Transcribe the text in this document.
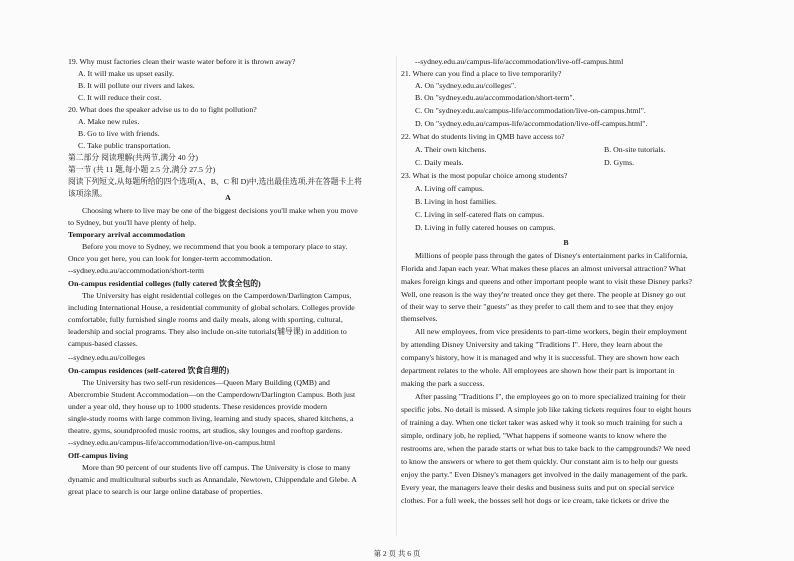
19. Why must factories clean their waste water before it is thrown away?
A. It will make us upset easily.
B. It will pollute our rivers and lakes.
C. It will reduce their cost.
20. What does the speaker advise us to do to fight pollution?
A. Make new rules.
B. Go to live with friends.
C. Take public transportation.
第二部分 阅读理解(共两节,满分 40 分)
第一节 (共 11 题,每小题 2.5 分,满分 27.5 分)
阅读下列短文,从每题所给的四个选项(A、B、C 和 D)中,选出最佳选项,并在答题卡上将
该项涂黑。	A
Choosing where to live may be one of the biggest decisions you'll make when you move
to Sydney, but you'll have plenty of help.
Temporary arrival accommodation
Before you move to Sydney, we recommend that you book a temporary place to stay.
Once you get here, you can look for longer-term accommodation.
--sydney.edu.au/accommodation/short-term
On-campus residential colleges (fully catered 饮食全包的)
The University has eight residential colleges on the Camperdown/Darlington Campus,
including International House, a residential community of global scholars. Colleges provide
comfortable, fully furnished single rooms and daily meals, along with sporting, cultural,
leadership and social programs. They also include on-site tutorials(辅导课) in addition to
campus-based classes.
--sydney.edu.au/colleges
On-campus residences (self-catered 饮食自理的)
The University has two self-run residences—Queen Mary Building (QMB) and
Abercrombie Student Accommodation—on the Camperdown/Darlington Campus. Both just
under a year old, they house up to 1000 students. These residences provide modern
single-study rooms with large common living, learning and study spaces, shared kitchens, a
theatre, gyms, soundproofed music rooms, art studios, sky lounges and rooftop gardens.
--sydney.edu.au/campus-life/accommodation/live-on-campus.html
Off-campus living
More than 90 percent of our students live off campus. The University is close to many
dynamic and multicultural suburbs such as Annandale, Newtown, Chippendale and Glebe. A
great place to search is our large online database of properties.
--sydney.edu.au/campus-life/accommodation/live-off-campus.html
21. Where can you find a place to live temporarily?
A. On "sydney.edu.au/colleges".
B. On "sydney.edu.au/accommodation/short-term".
C. On "sydney.edu.au/campus-life/accommodation/live-on-campus.html".
D. On "sydney.edu.au/campus-life/accommodation/live-off-campus.html".
22. What do students living in QMB have access to?
A. Their own kitchens.	B. On-site tutorials.
C. Daily meals.	D. Gyms.
23. What is the most popular choice among students?
A. Living off campus.
B. Living in host families.
C. Living in self-catered flats on campus.
D. Living in fully catered houses on campus.
B
Millions of people pass through the gates of Disney's entertainment parks in California,
Florida and Japan each year. What makes these places an almost universal attraction? What
makes foreign kings and queens and other important people want to visit these Disney parks?
Well, one reason is the way they're treated once they get there. The people at Disney go out
of their way to serve their "guests" as they prefer to call them and to see that they enjoy
themselves.
All new employees, from vice presidents to part-time workers, begin their employment
by attending Disney University and taking "Traditions I". Here, they learn about the
company's history, how it is managed and why it is successful. They are shown how each
department relates to the whole. All employees are shown how their part is important in
making the park a success.
After passing "Traditions I", the employees go on to more specialized training for their
specific jobs. No detail is missed. A simple job like taking tickets requires four to eight hours
of training a day. When one ticket taker was asked why it took so much training for such a
simple, ordinary job, he replied, "What happens if someone wants to know where the
restrooms are, when the parade starts or what bus to take back to the campgrounds? We need
to know the answers or where to get them quickly. Our constant aim is to help our guests
enjoy the party." Even Disney's managers get involved in the daily management of the park.
Every year, the managers leave their desks and business suits and put on special service
clothes. For a full week, the bosses sell hot dogs or ice cream, take tickets or drive the
第 2 页 共 6 页
